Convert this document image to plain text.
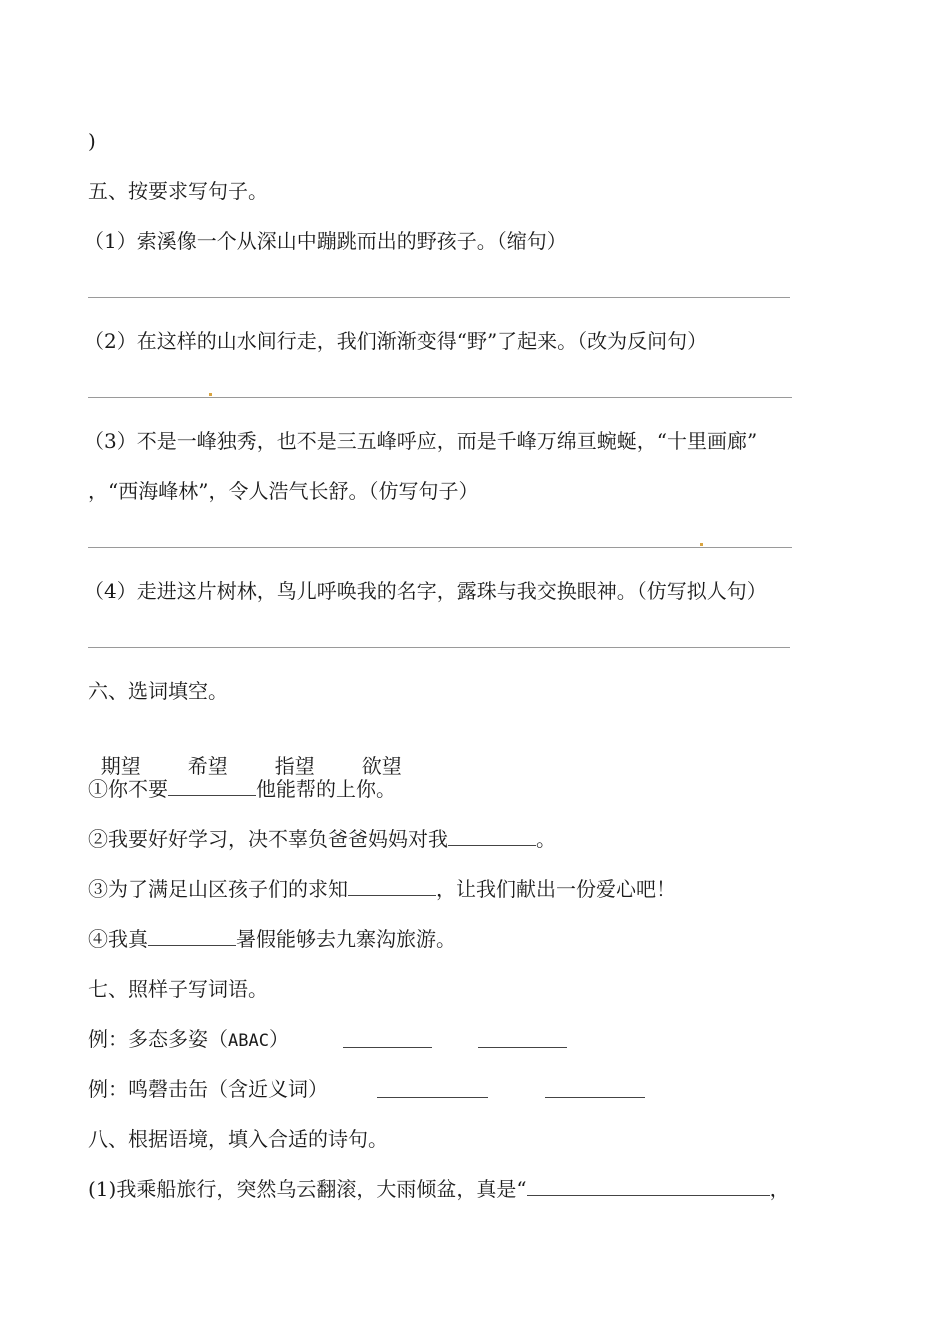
)
五、按要求写句子。
（1）索溪像一个从深山中蹦跳而出的野孩子。（缩句）
（2）在这样的山水间行走，我们渐渐变得“野”了起来。（改为反问句）
（3）不是一峰独秀，也不是三五峰呼应，而是千峰万绵亘蜿蜒，“十里画廊”
，“西海峰林”，令人浩气长舒。（仿写句子）
（4）走进这片树林，鸟儿呼唤我的名字，露珠与我交换眼神。（仿写拟人句）
六、选词填空。

期望 希望 指望 欲望

①你不要	他能帮的上你。
②我要好好学习，决不辜负爸爸妈妈对我	。
③为了满足山区孩子们的求知	，让我们献出一份爱心吧！
④我真	暑假能够去九寨沟旅游。
七、照样子写词语。
例：多态多姿（ABAC）
例：鸣磬击缶（含近义词）
八、根据语境，填入合适的诗句。
(1)我乘船旅行，突然乌云翻滚，大雨倾盆，真是“	，
